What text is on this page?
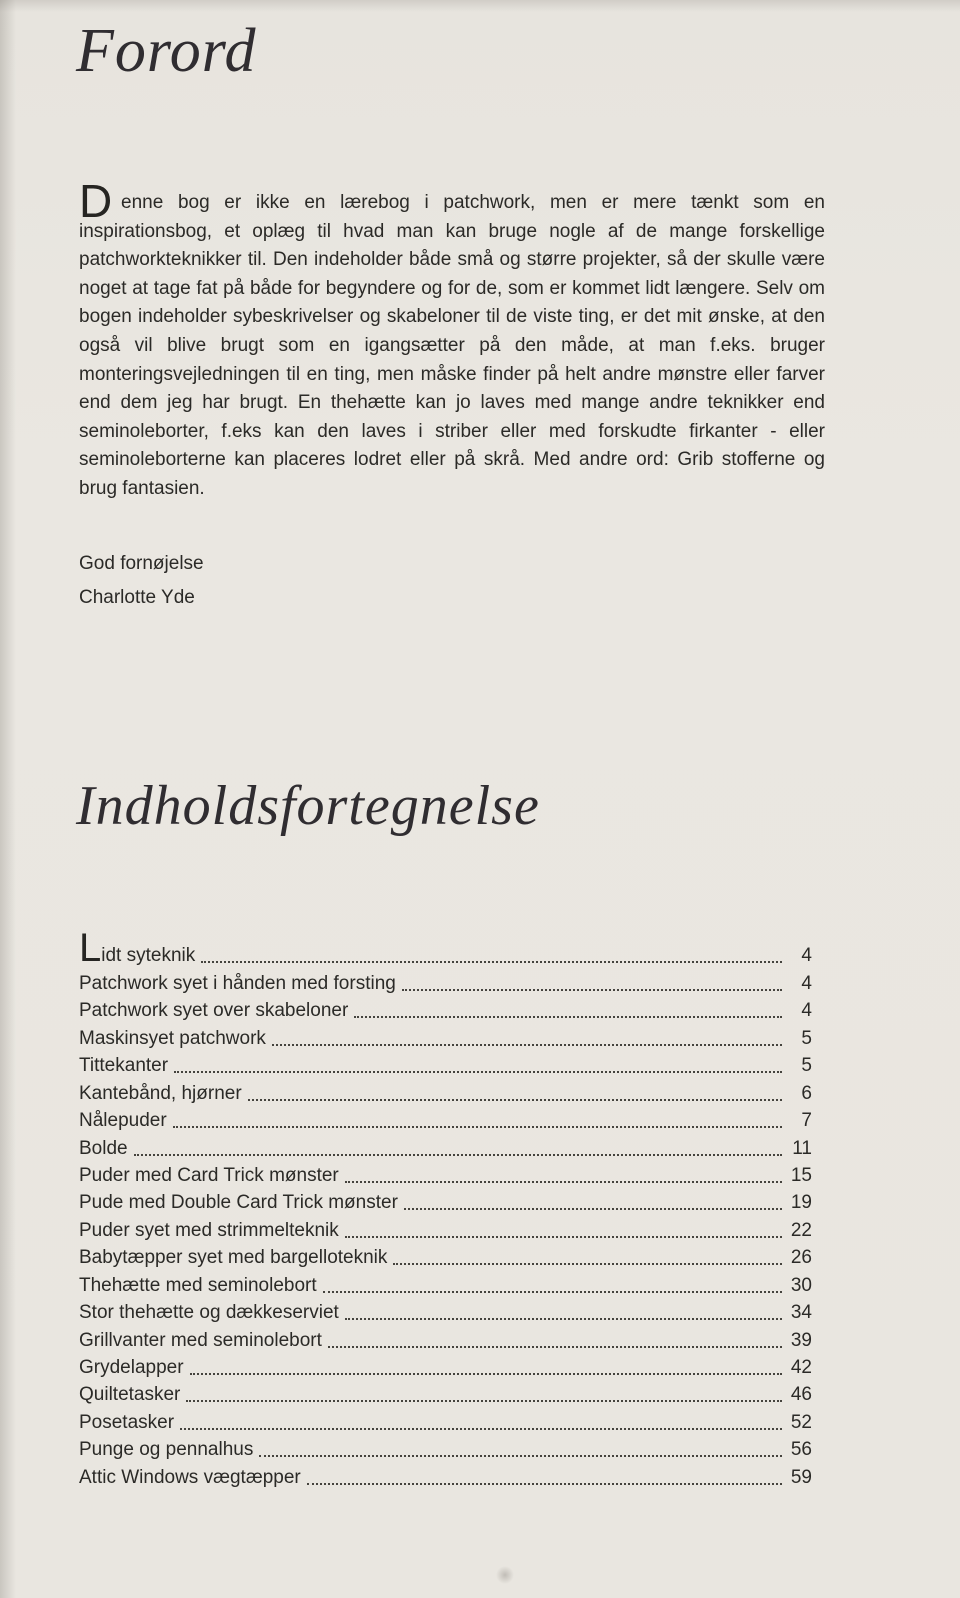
Forord
D enne bog er ikke en lærebog i patchwork, men er mere tænkt som en inspirationsbog, et oplæg til hvad man kan bruge nogle af de mange forskellige patchworkteknikker til. Den indeholder både små og større projekter, så der skulle være noget at tage fat på både for begyndere og for de, som er kommet lidt længere. Selv om bogen indeholder sybeskrivelser og skabeloner til de viste ting, er det mit ønske, at den også vil blive brugt som en igangsætter på den måde, at man f.eks. bruger monteringsvejledningen til en ting, men måske finder på helt andre mønstre eller farver end dem jeg har brugt. En thehætte kan jo laves med mange andre teknikker end seminoleborter, f.eks kan den laves i striber eller med forskudte firkanter - eller seminoleborterne kan placeres lodret eller på skrå. Med andre ord: Grib stofferne og brug fantasien.

God fornøjelse

Charlotte Yde

Indholdsfortegnelse
Lidt syteknik	4
Patchwork syet i hånden med forsting	4
Patchwork syet over skabeloner	4
Maskinsyet patchwork	5
Tittekanter	5
Kantebånd, hjørner	6
Nålepuder	7
Bolde	11
Puder med Card Trick mønster	15
Pude med Double Card Trick mønster	19
Puder syet med strimmelteknik	22
Babytæpper syet med bargelloteknik	26
Thehætte med seminolebort	30
Stor thehætte og dækkeserviet	34
Grillvanter med seminolebort	39
Grydelapper	42
Quiltetasker	46
Posetasker	52
Punge og pennalhus	56
Attic Windows vægtæpper	59
